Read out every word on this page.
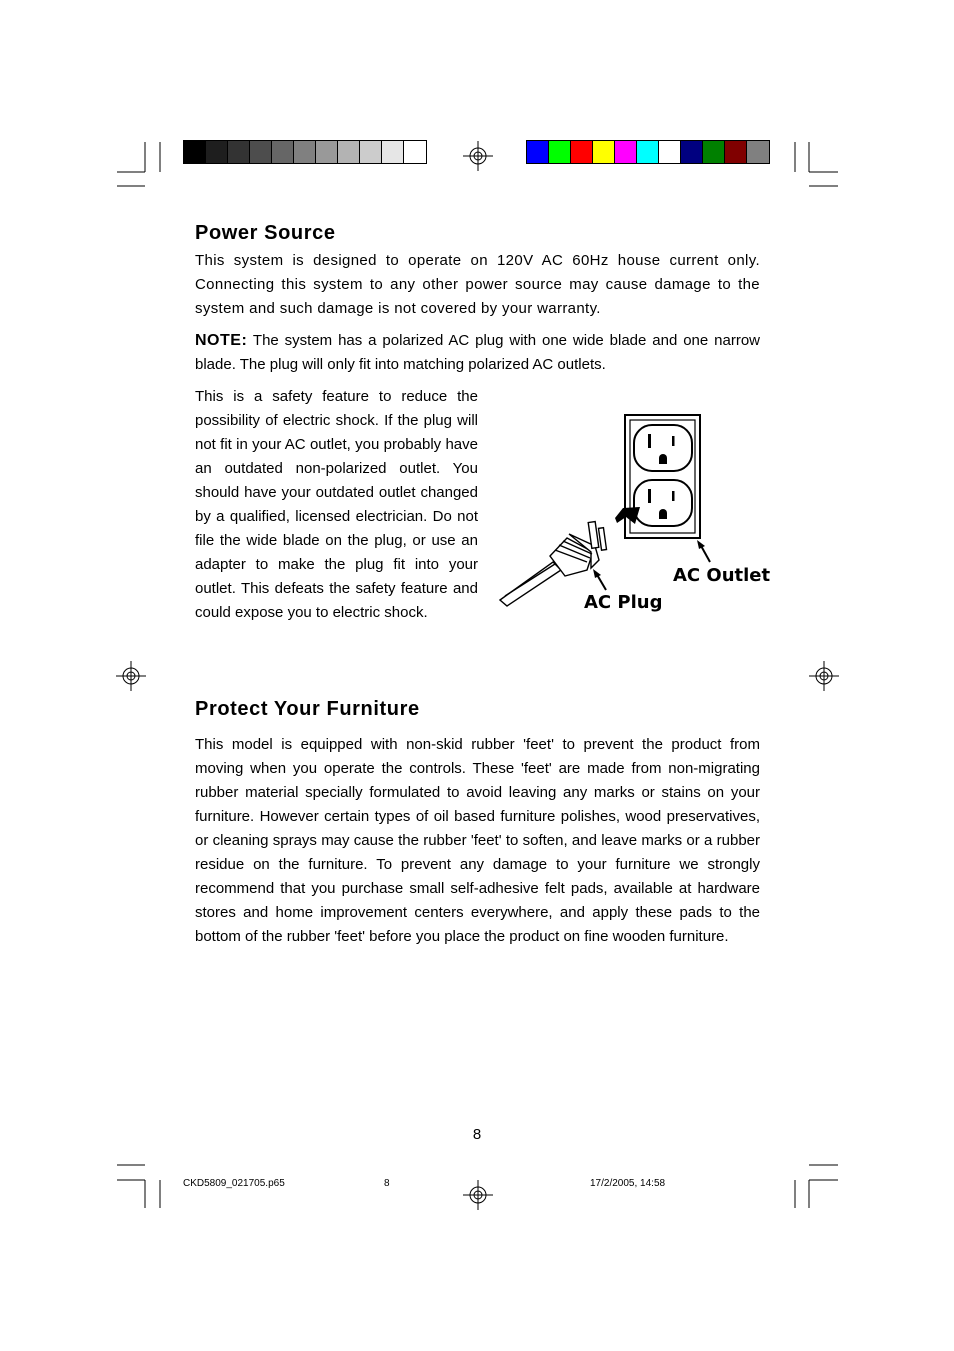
Power Source

This system is designed to operate on 120V AC 60Hz house current only. Connecting this system to any other power source may cause damage to the system and such damage is not covered by your warranty.

NOTE: The system has a polarized AC plug with one wide blade and one narrow blade. The plug will only fit into matching polarized AC outlets.

This is a safety feature to reduce the possibility of electric shock. If the plug will not fit in your AC outlet, you probably have an outdated non-polarized outlet. You should have your outdated outlet changed by a qualified, licensed electrician. Do not file the wide blade on the plug, or use an adapter to make the plug fit into your outlet. This defeats the safety feature and could expose you to electric shock.

AC Outlet
AC Plug
Protect Your Furniture

This model is equipped with non-skid rubber 'feet' to prevent the product from moving when you operate the controls. These 'feet' are made from non-migrating rubber material specially formulated to avoid leaving any marks or stains on your furniture. However certain types of oil based furniture polishes, wood preservatives, or cleaning sprays may cause the rubber 'feet' to soften, and leave marks or a rubber residue on the furniture. To prevent any damage to your furniture we strongly recommend that you purchase small self-adhesive felt pads, available at hardware stores and home improvement centers everywhere, and apply these pads to the bottom of the rubber 'feet' before you place the product on fine wooden furniture.

8
CKD5809_021705.p65	8	17/2/2005, 14:58
